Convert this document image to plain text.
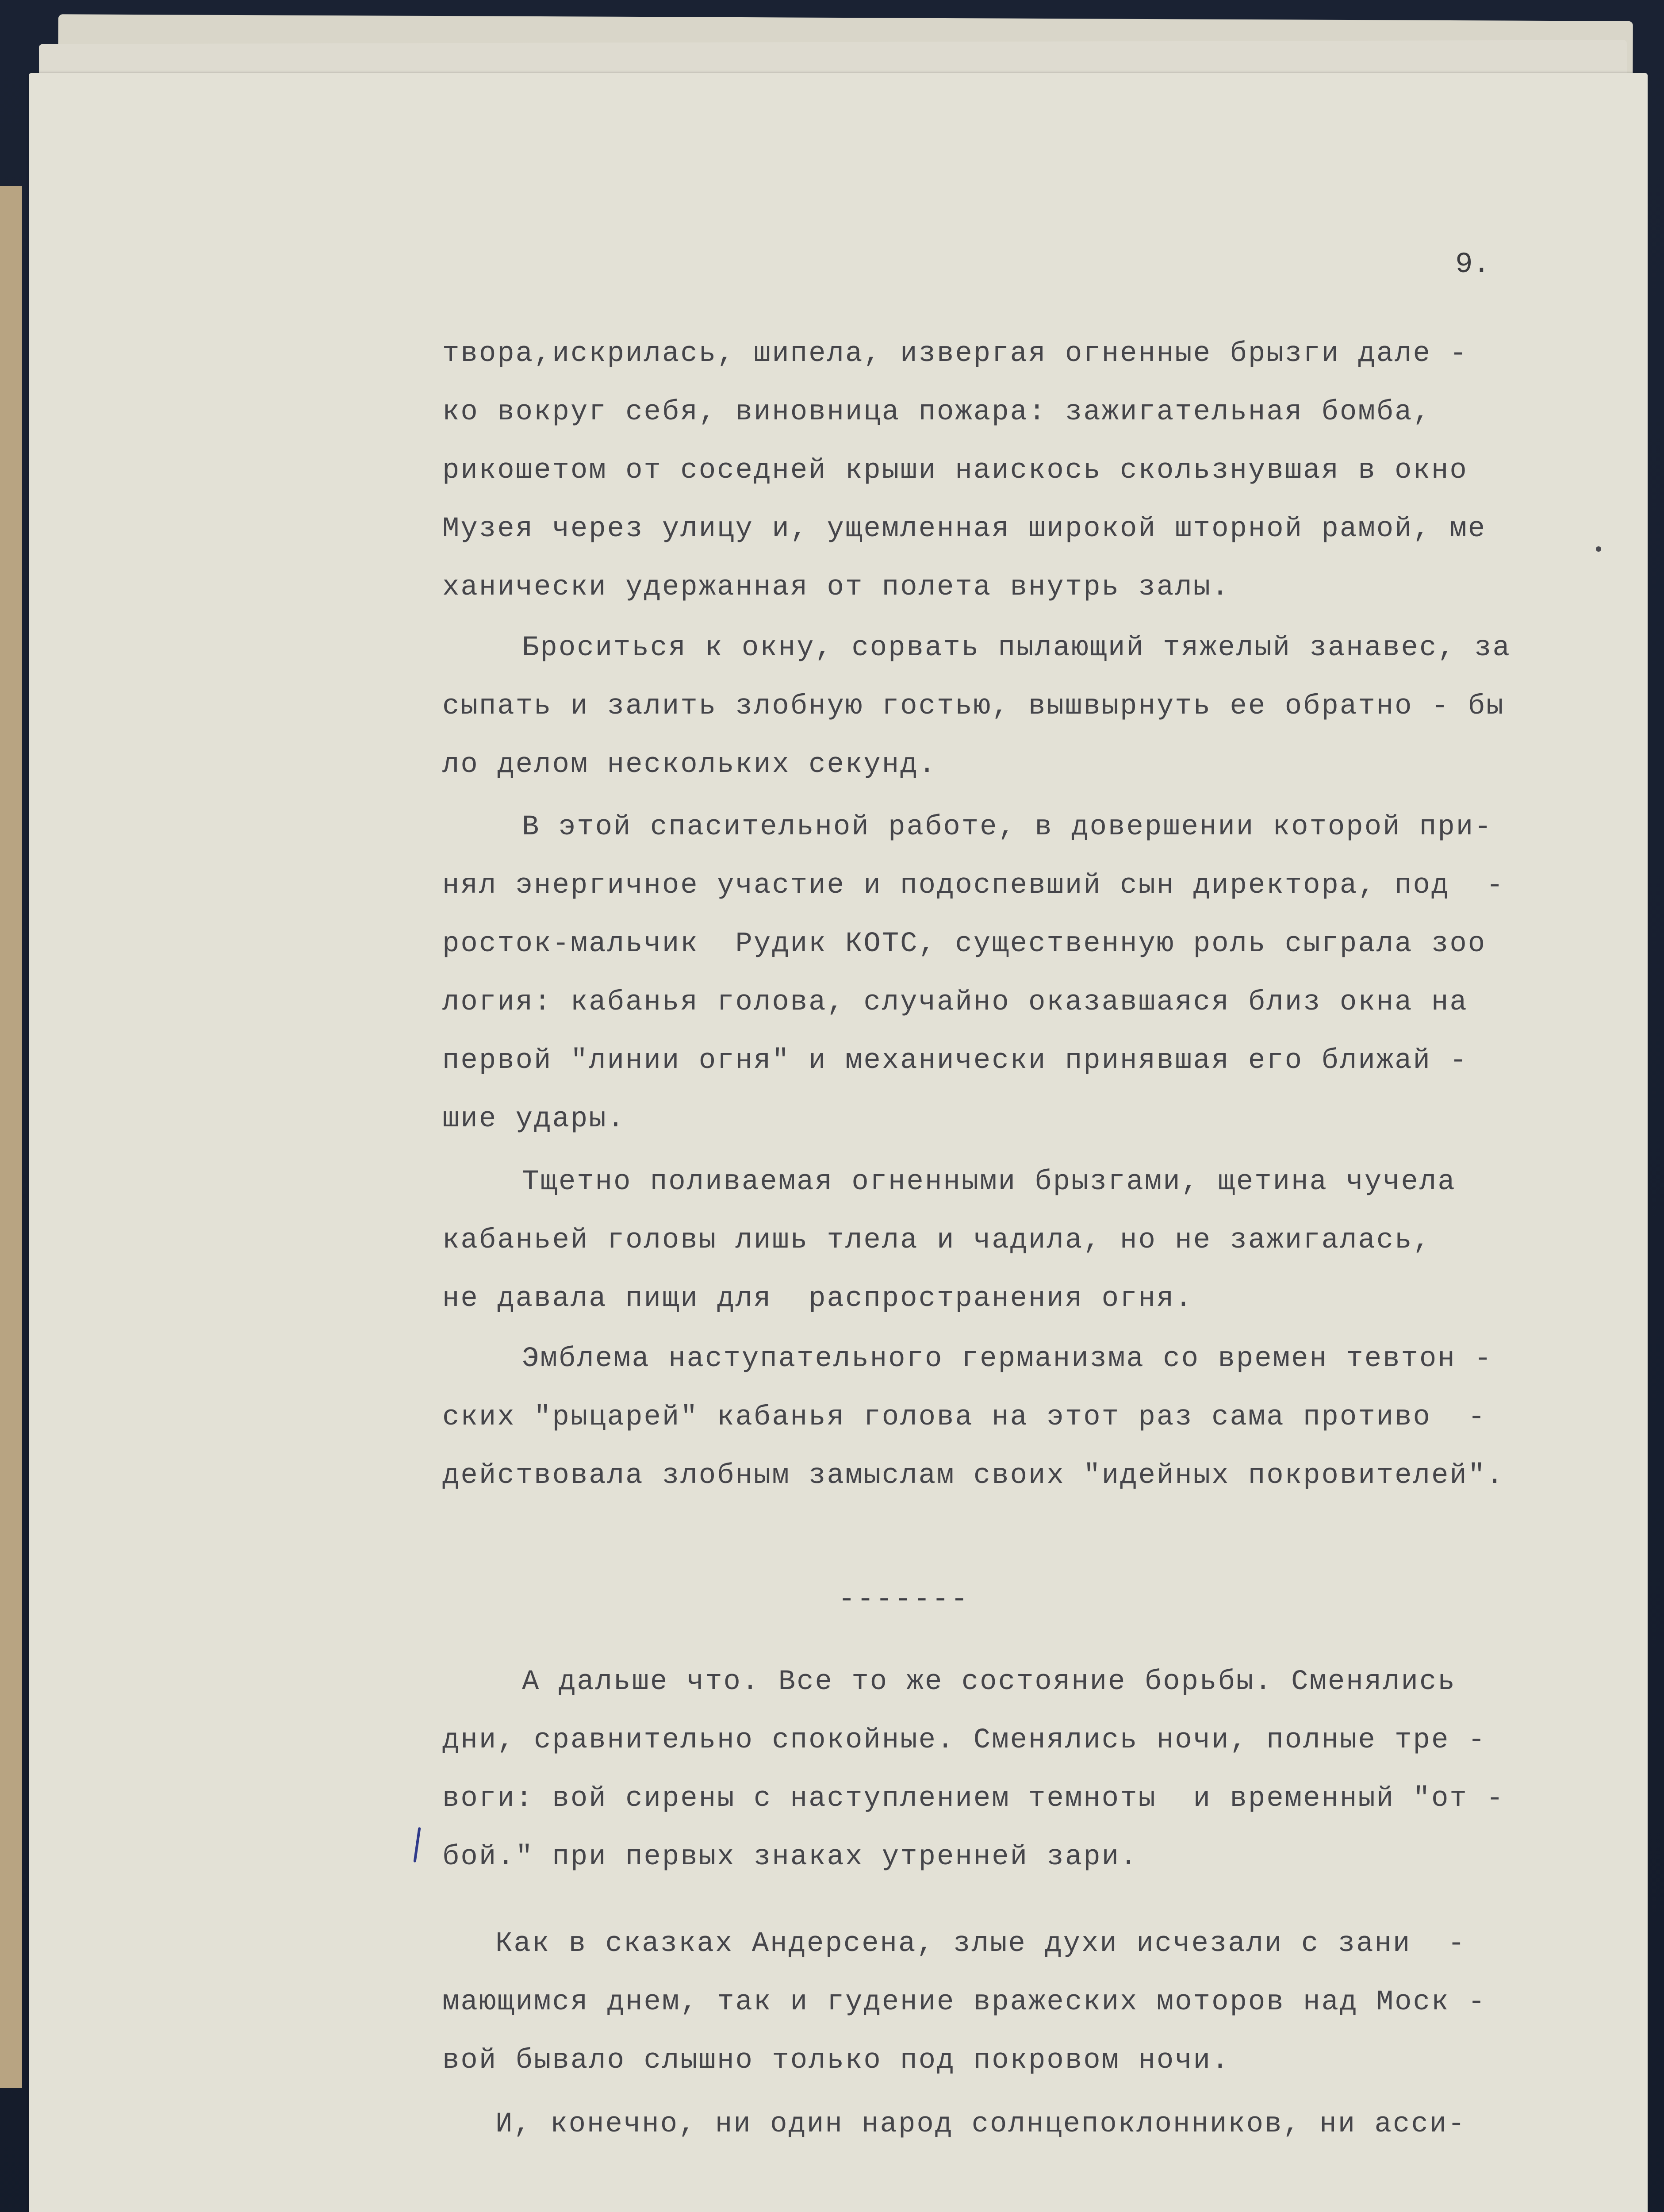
9.
твора,искрилась, шипела, извергая огненные брызги дале -
ко вокруг себя, виновница пожара: зажигательная бомба,
рикошетом от соседней крыши наискось скользнувшая в окно
Музея через улицу и, ущемленная широкой шторной рамой, ме
ханически удержанная от полета внутрь залы.
Броситься к окну, сорвать пылающий тяжелый занавес, за
сыпать и залить злобную гостью, вышвырнуть ее обратно - бы
ло делом нескольких секунд.
В этой спасительной работе, в довершении которой при-
нял энергичное участие и подоспевший сын директора, под  -
росток-мальчик  Рудик КОТС, существенную роль сыграла зоо
логия: кабанья голова, случайно оказавшаяся близ окна на
первой "линии огня" и механически принявшая его ближай -
шие удары.
Тщетно поливаемая огненными брызгами, щетина чучела
кабаньей головы лишь тлела и чадила, но не зажигалась,
не давала пищи для  распространения огня.
Эмблема наступательного германизма со времен тевтон -
ских "рыцарей" кабанья голова на этот раз сама противо  -
действовала злобным замыслам своих "идейных покровителей".
-------
А дальше что. Все то же состояние борьбы. Сменялись
дни, сравнительно спокойные. Сменялись ночи, полные тре -
воги: вой сирены с наступлением темноты  и временный "от -
бой." при первых знаках утренней зари.
Как в сказках Андерсена, злые духи исчезали с зани  -
мающимся днем, так и гудение вражеских моторов над Моск -
вой бывало слышно только под покровом ночи.
И, конечно, ни один народ солнцепоклонников, ни асси-
